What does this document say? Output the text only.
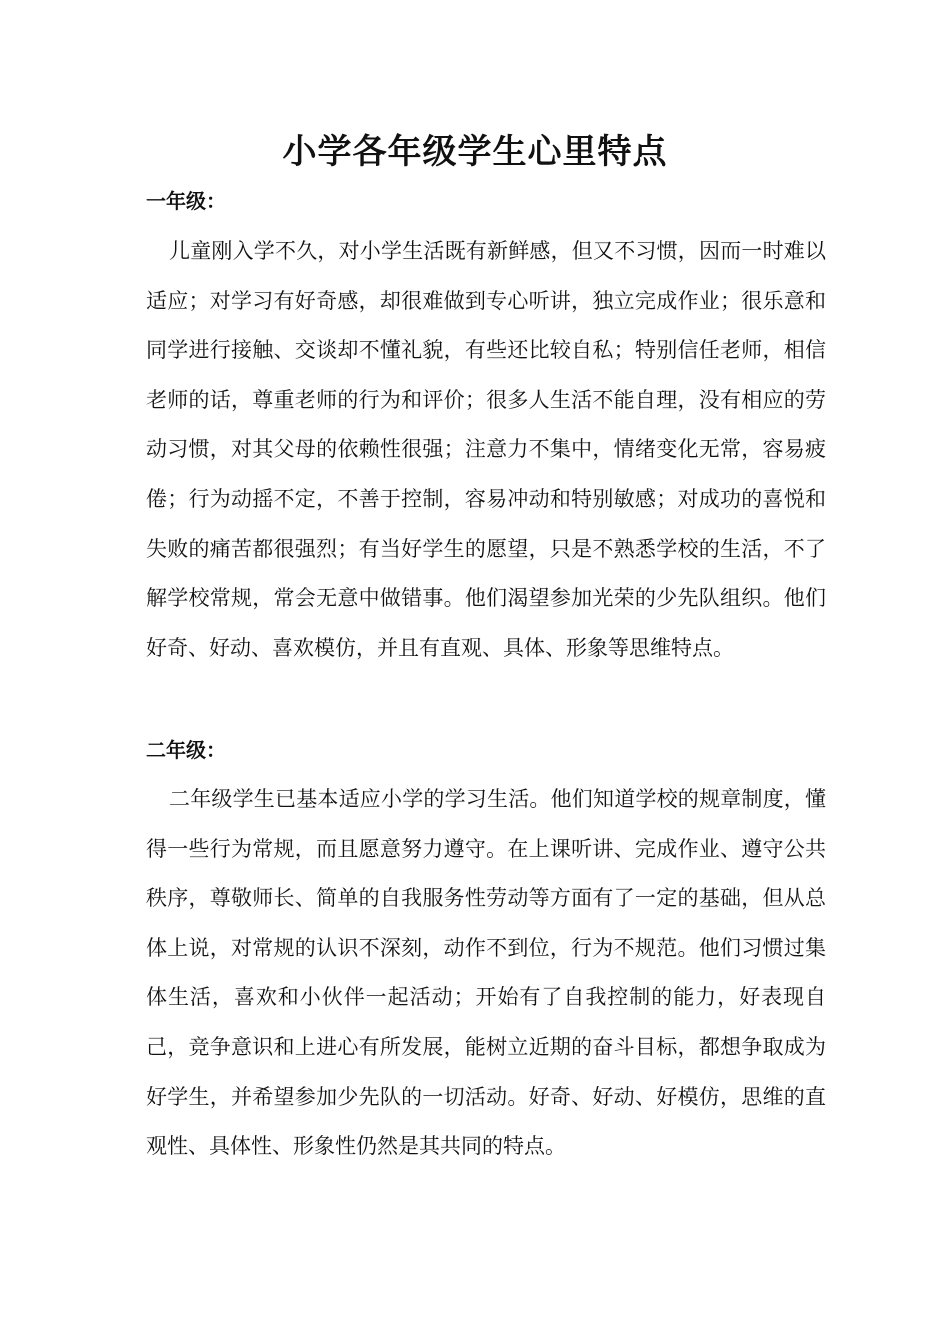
小学各年级学生心里特点
一年级：

儿童刚入学不久，对小学生活既有新鲜感，但又不习惯，因而一时难以适应；对学习有好奇感，却很难做到专心听讲，独立完成作业；很乐意和同学进行接触、交谈却不懂礼貌，有些还比较自私；特别信任老师，相信老师的话，尊重老师的行为和评价；很多人生活不能自理，没有相应的劳动习惯，对其父母的依赖性很强；注意力不集中，情绪变化无常，容易疲倦；行为动摇不定，不善于控制，容易冲动和特别敏感；对成功的喜悦和失败的痛苦都很强烈；有当好学生的愿望，只是不熟悉学校的生活，不了解学校常规，常会无意中做错事。他们渴望参加光荣的少先队组织。他们好奇、好动、喜欢模仿，并且有直观、具体、形象等思维特点。

二年级：

二年级学生已基本适应小学的学习生活。他们知道学校的规章制度，懂得一些行为常规，而且愿意努力遵守。在上课听讲、完成作业、遵守公共秩序，尊敬师长、简单的自我服务性劳动等方面有了一定的基础，但从总体上说，对常规的认识不深刻，动作不到位，行为不规范。他们习惯过集体生活，喜欢和小伙伴一起活动；开始有了自我控制的能力，好表现自己，竞争意识和上进心有所发展，能树立近期的奋斗目标，都想争取成为好学生，并希望参加少先队的一切活动。好奇、好动、好模仿，思维的直观性、具体性、形象性仍然是其共同的特点。
